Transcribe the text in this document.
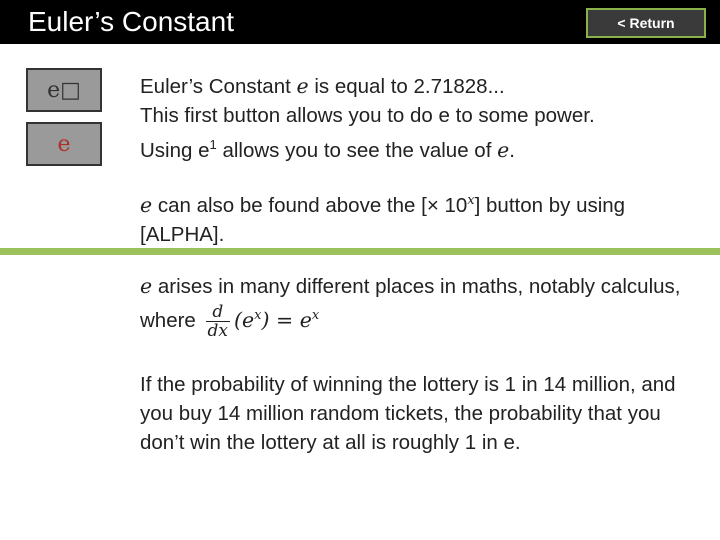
Euler’s Constant	< Return
e□
e
Euler’s Constant e is equal to 2.71828...
This first button allows you to do e to some power.
Using $e^1$ allows you to see the value of e.
e can also be found above the [× $10^x$] button by using [ALPHA].
e arises in many different places in maths, notably calculus, where $\frac{d}{dx} (e^x) = e^x$
If the probability of winning the lottery is 1 in 14 million, and you buy 14 million random tickets, the probability that you don’t win the lottery at all is roughly 1 in e.
